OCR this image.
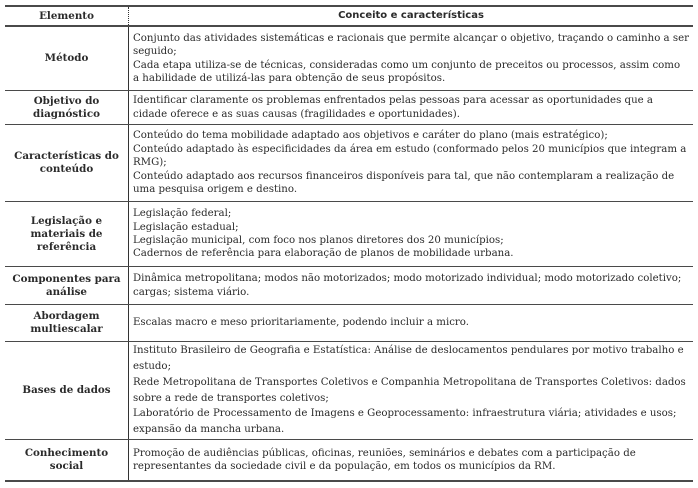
Elemento	Conceito e características
Método
Conjunto das atividades sistemáticas e racionais que permite alcançar o objetivo, traçando o caminho a ser seguido;
Cada etapa utiliza-se de técnicas, consideradas como um conjunto de preceitos ou processos, assim como a habilidade de utilizá-las para obtenção de seus propósitos.
Objetivo do diagnóstico
Identificar claramente os problemas enfrentados pelas pessoas para acessar as oportunidades que a cidade oferece e as suas causas (fragilidades e oportunidades).
Características do conteúdo
Conteúdo do tema mobilidade adaptado aos objetivos e caráter do plano (mais estratégico);
Conteúdo adaptado às especificidades da área em estudo (conformado pelos 20 municípios que integram a RMG);
Conteúdo adaptado aos recursos financeiros disponíveis para tal, que não contemplaram a realização de uma pesquisa origem e destino.
Legislação e materiais de referência
Legislação federal;
Legislação estadual;
Legislação municipal, com foco nos planos diretores dos 20 municípios;
Cadernos de referência para elaboração de planos de mobilidade urbana.
Componentes para análise
Dinâmica metropolitana; modos não motorizados; modo motorizado individual; modo motorizado coletivo; cargas; sistema viário.
Abordagem multiescalar
Escalas macro e meso prioritariamente, podendo incluir a micro.
Bases de dados
Instituto Brasileiro de Geografia e Estatística: Análise de deslocamentos pendulares por motivo trabalho e estudo;
Rede Metropolitana de Transportes Coletivos e Companhia Metropolitana de Transportes Coletivos: dados sobre a rede de transportes coletivos;
Laboratório de Processamento de Imagens e Geoprocessamento: infraestrutura viária; atividades e usos; expansão da mancha urbana.
Conhecimento social
Promoção de audiências públicas, oficinas, reuniões, seminários e debates com a participação de representantes da sociedade civil e da população, em todos os municípios da RM.
